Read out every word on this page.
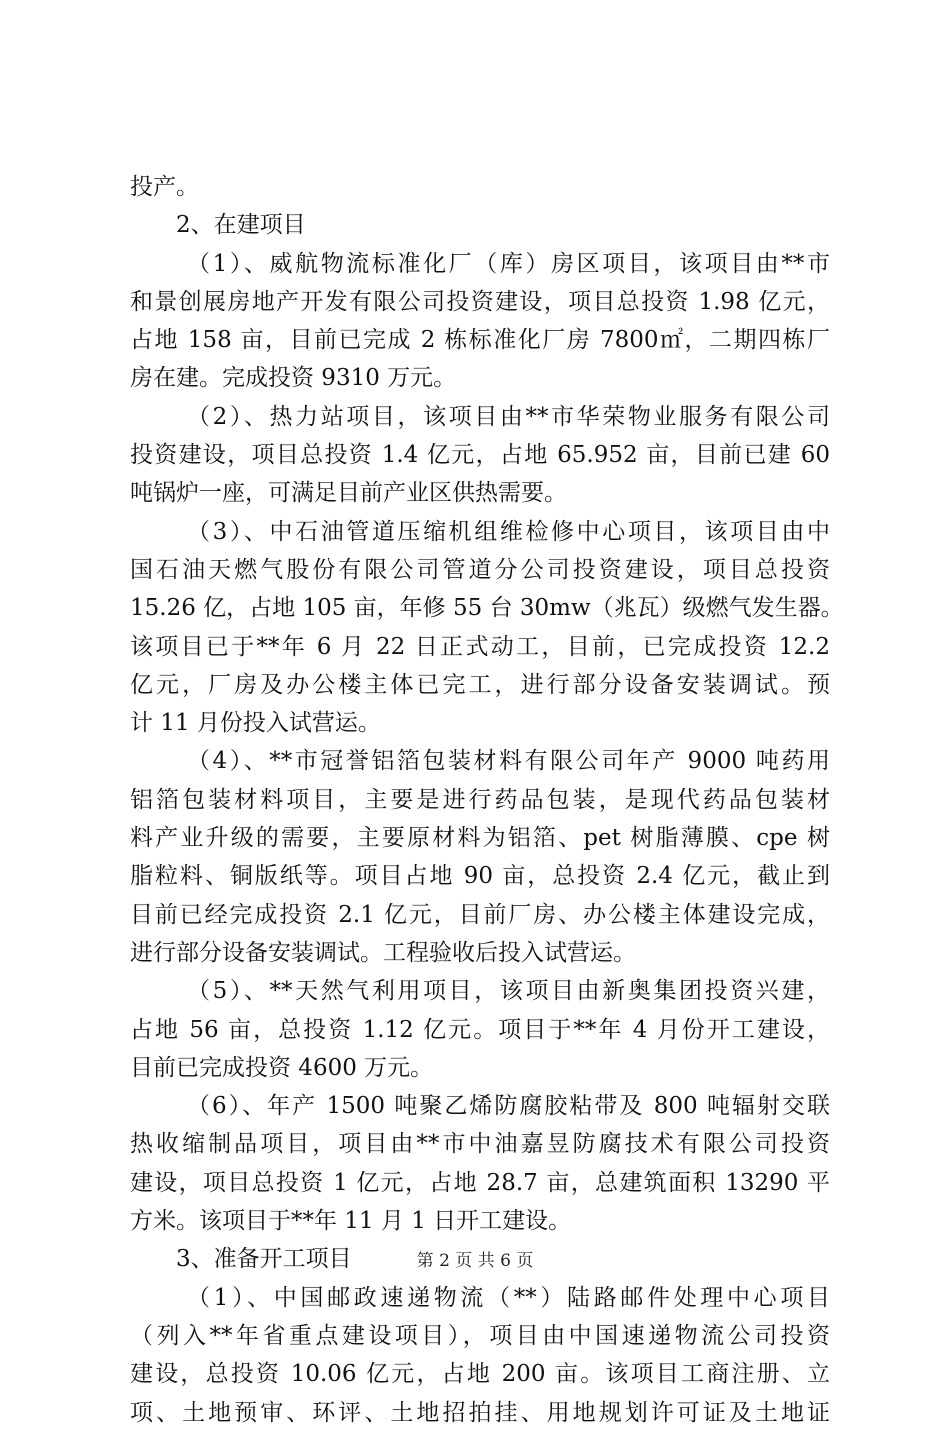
投产。
2、在建项目
（1）、威航物流标准化厂（库）房区项目，该项目由**市
和景创展房地产开发有限公司投资建设，项目总投资 1.98 亿元，
占地 158 亩，目前已完成 2 栋标准化厂房 7800㎡，二期四栋厂
房在建。完成投资 9310 万元。
（2）、热力站项目，该项目由**市华荣物业服务有限公司
投资建设，项目总投资 1.4 亿元，占地 65.952 亩，目前已建 60
吨锅炉一座，可满足目前产业区供热需要。
（3）、中石油管道压缩机组维检修中心项目，该项目由中
国石油天燃气股份有限公司管道分公司投资建设，项目总投资
15.26 亿，占地 105 亩，年修 55 台 30mw（兆瓦）级燃气发生器。
该项目已于**年 6 月 22 日正式动工，目前，已完成投资 12.2
亿元，厂房及办公楼主体已完工，进行部分设备安装调试。预
计 11 月份投入试营运。
（4）、**市冠誉铝箔包装材料有限公司年产 9000 吨药用
铝箔包装材料项目，主要是进行药品包装，是现代药品包装材
料产业升级的需要，主要原材料为铝箔、pet 树脂薄膜、cpe 树
脂粒料、铜版纸等。项目占地 90 亩，总投资 2.4 亿元，截止到
目前已经完成投资 2.1 亿元，目前厂房、办公楼主体建设完成，
进行部分设备安装调试。工程验收后投入试营运。
（5）、**天然气利用项目，该项目由新奥集团投资兴建，
占地 56 亩，总投资 1.12 亿元。项目于**年 4 月份开工建设，
目前已完成投资 4600 万元。
（6）、年产 1500 吨聚乙烯防腐胶粘带及 800 吨辐射交联
热收缩制品项目，项目由**市中油嘉昱防腐技术有限公司投资
建设，项目总投资 1 亿元，占地 28.7 亩，总建筑面积 13290 平
方米。该项目于**年 11 月 1 日开工建设。
3、准备开工项目
（1）、中国邮政速递物流（**）陆路邮件处理中心项目
（列入**年省重点建设项目），项目由中国速递物流公司投资
建设，总投资 10.06 亿元，占地 200 亩。该项目工商注册、立
项、土地预审、环评、土地招拍挂、用地规划许可证及土地证
第 2 页 共 6 页
